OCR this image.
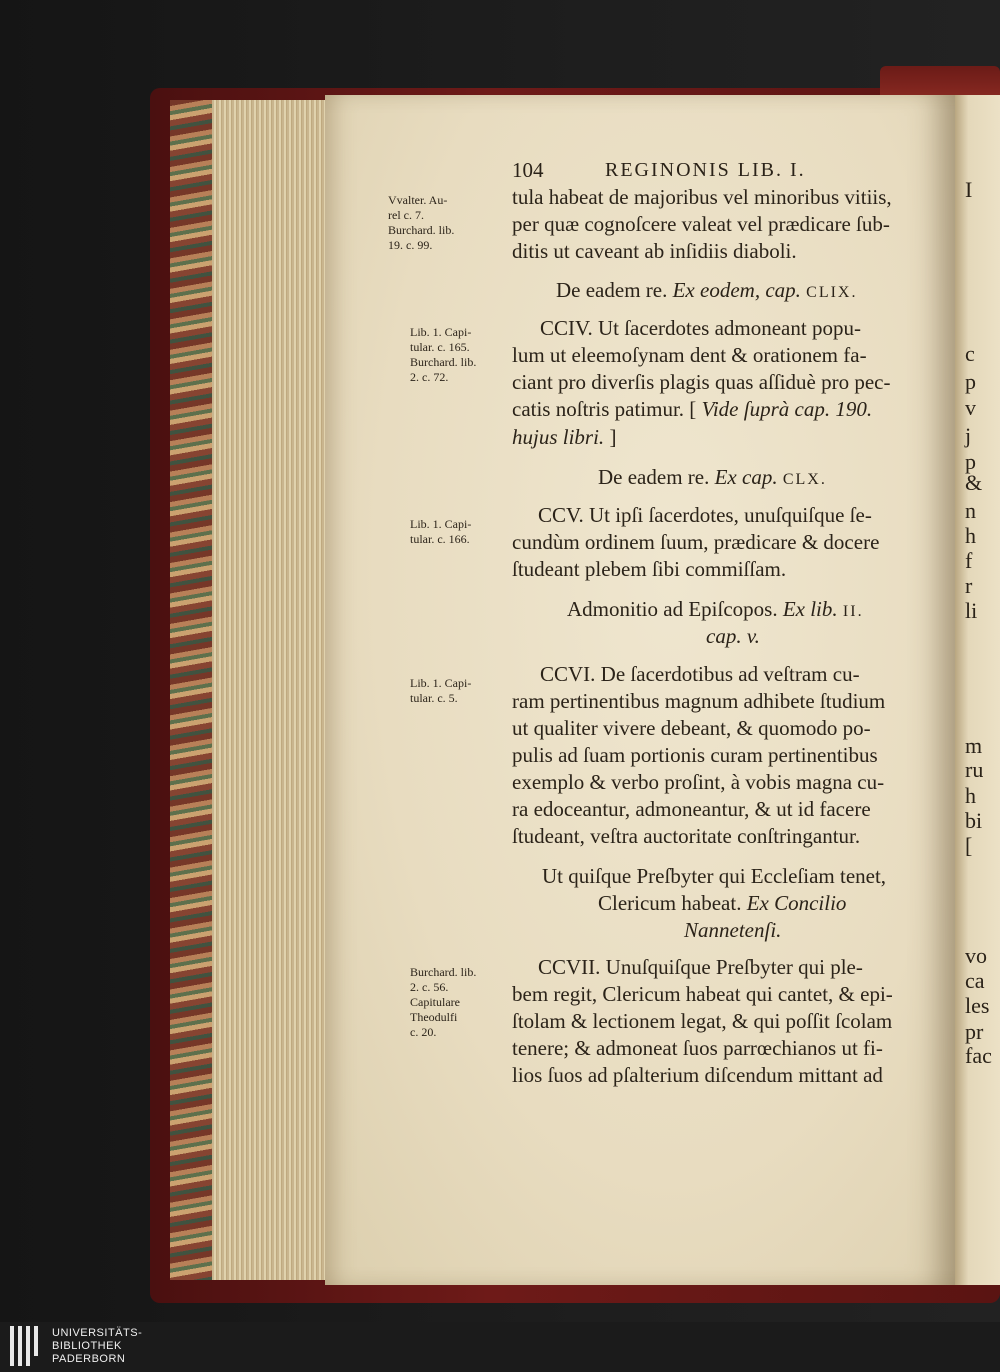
I
c
p
v
j
p
&
n
h
f
r
li
m
ru
h
bi
[
vo
ca
les
pr
fac
104	REGINONIS LIB. I.
Vvalter. Au-
rel c. 7.
Burchard. lib.
19. c. 99.
Lib. 1. Capi-
tular. c. 165.
Burchard. lib.
2. c. 72.
Lib. 1. Capi-
tular. c. 166.
Lib. 1. Capi-
tular. c. 5.
Burchard. lib.
2. c. 56.
Capitulare
Theodulfi
c. 20.
tula habeat de majoribus vel minoribus vitiis,
per quæ cognoſcere valeat vel prædicare ſub-
ditis ut caveant ab inſidiis diaboli.
De eadem re. Ex eodem, cap. CLIX.
CCIV. Ut ſacerdotes admoneant popu-
lum ut eleemoſynam dent & orationem fa-
ciant pro diverſis plagis quas aſſiduè pro pec-
catis noſtris patimur. [ Vide ſuprà cap. 190.
hujus libri. ]
De eadem re. Ex cap. CLX.
CCV. Ut ipſi ſacerdotes, unuſquiſque ſe-
cundùm ordinem ſuum, prædicare & docere
ſtudeant plebem ſibi commiſſam.
Admonitio ad Epiſcopos. Ex lib. II.
cap. v.
CCVI. De ſacerdotibus ad veſtram cu-
ram pertinentibus magnum adhibete ſtudium
ut qualiter vivere debeant, & quomodo po-
pulis ad ſuam portionis curam pertinentibus
exemplo & verbo proſint, à vobis magna cu-
ra edoceantur, admoneantur, & ut id facere
ſtudeant, veſtra auctoritate conſtringantur.
Ut quiſque Preſbyter qui Eccleſiam tenet,
Clericum habeat. Ex Concilio
Nannetenſi.
CCVII. Unuſquiſque Preſbyter qui ple-
bem regit, Clericum habeat qui cantet, & epi-
ſtolam & lectionem legat, & qui poſſit ſcolam
tenere; & admoneat ſuos parrœchianos ut fi-
lios ſuos ad pſalterium diſcendum mittant ad
UNIVERSITÄTS-
BIBLIOTHEK
PADERBORN
